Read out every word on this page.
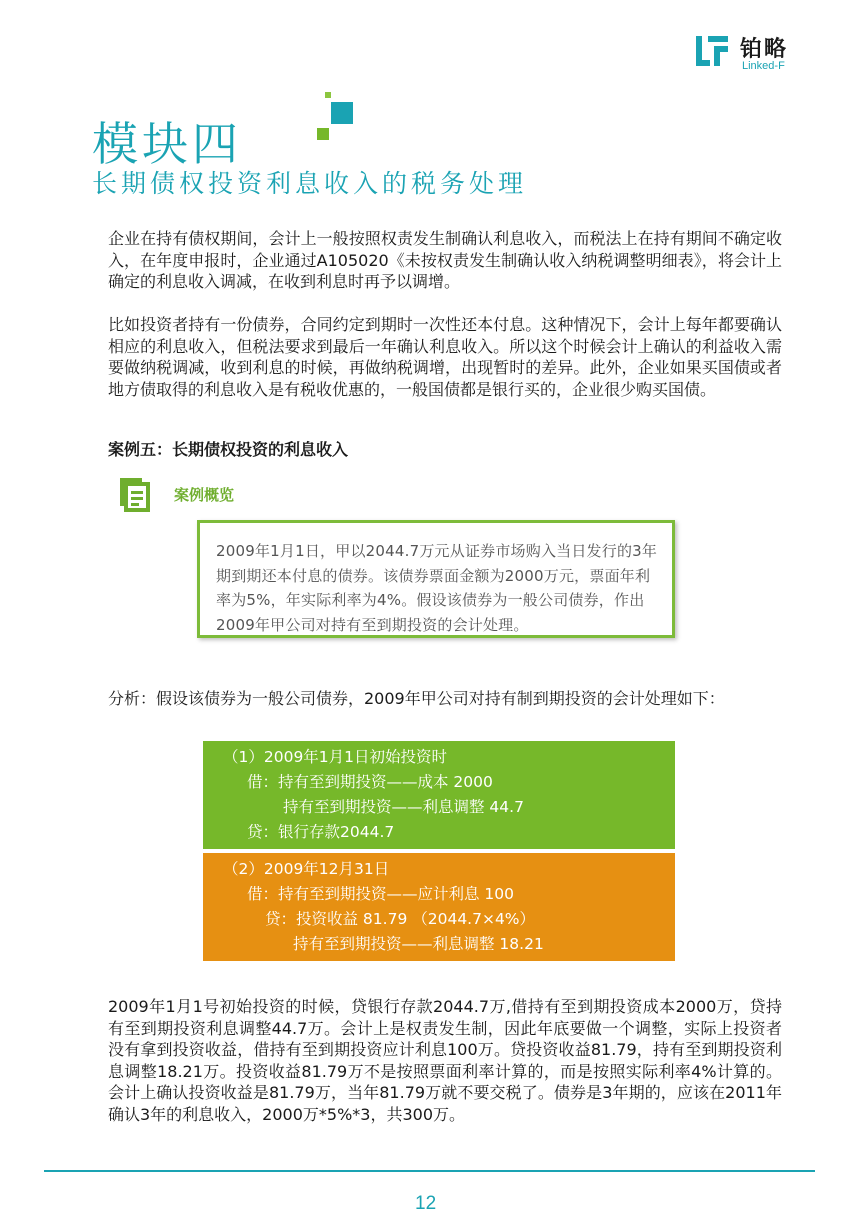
铂略
Linked-F
模块四
长期债权投资利息收入的税务处理
企业在持有债权期间，会计上一般按照权责发生制确认利息收入，而税法上在持有期间不确定收入，在年度申报时，企业通过A105020《未按权责发生制确认收入纳税调整明细表》，将会计上确定的利息收入调减，在收到利息时再予以调增。
比如投资者持有一份债券，合同约定到期时一次性还本付息。这种情况下，会计上每年都要确认相应的利息收入，但税法要求到最后一年确认利息收入。所以这个时候会计上确认的利益收入需要做纳税调减，收到利息的时候，再做纳税调增，出现暂时的差异。此外，企业如果买国债或者地方债取得的利息收入是有税收优惠的，一般国债都是银行买的，企业很少购买国债。
案例五：长期债权投资的利息收入
案例概览
2009年1月1日，甲以2044.7万元从证券市场购入当日发行的3年期到期还本付息的债券。该债券票面金额为2000万元，票面年利率为5%，年实际利率为4%。假设该债券为一般公司债券，作出2009年甲公司对持有至到期投资的会计处理。
分析：假设该债券为一般公司债券，2009年甲公司对持有制到期投资的会计处理如下：
（1）2009年1月1日初始投资时
借：持有至到期投资——成本 2000
持有至到期投资——利息调整 44.7
贷：银行存款2044.7
（2）2009年12月31日
借：持有至到期投资——应计利息 100
贷：投资收益 81.79 （2044.7×4%）
持有至到期投资——利息调整 18.21
2009年1月1号初始投资的时候，贷银行存款2044.7万,借持有至到期投资成本2000万，贷持有至到期投资利息调整44.7万。会计上是权责发生制，因此年底要做一个调整，实际上投资者没有拿到投资收益，借持有至到期投资应计利息100万。贷投资收益81.79，持有至到期投资利息调整18.21万。投资收益81.79万不是按照票面利率计算的，而是按照实际利率4%计算的。会计上确认投资收益是81.79万，当年81.79万就不要交税了。债券是3年期的，应该在2011年确认3年的利息收入，2000万*5%*3，共300万。
12
